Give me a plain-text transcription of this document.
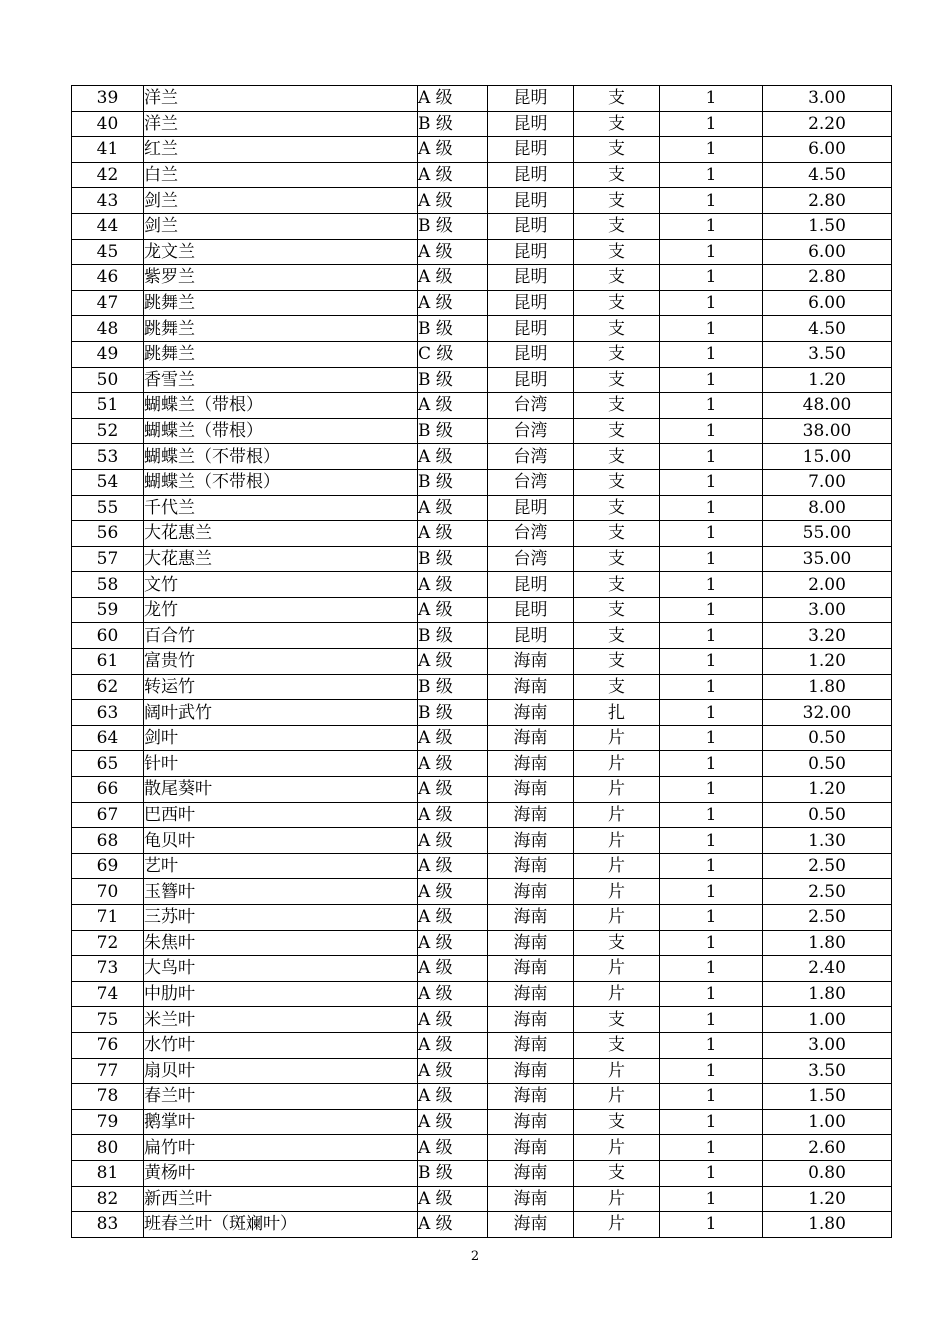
39	洋兰	A 级	昆明	支	1	3.00
40	洋兰	B 级	昆明	支	1	2.20
41	红兰	A 级	昆明	支	1	6.00
42	白兰	A 级	昆明	支	1	4.50
43	剑兰	A 级	昆明	支	1	2.80
44	剑兰	B 级	昆明	支	1	1.50
45	龙文兰	A 级	昆明	支	1	6.00
46	紫罗兰	A 级	昆明	支	1	2.80
47	跳舞兰	A 级	昆明	支	1	6.00
48	跳舞兰	B 级	昆明	支	1	4.50
49	跳舞兰	C 级	昆明	支	1	3.50
50	香雪兰	B 级	昆明	支	1	1.20
51	蝴蝶兰（带根）	A 级	台湾	支	1	48.00
52	蝴蝶兰（带根）	B 级	台湾	支	1	38.00
53	蝴蝶兰（不带根）	A 级	台湾	支	1	15.00
54	蝴蝶兰（不带根）	B 级	台湾	支	1	7.00
55	千代兰	A 级	昆明	支	1	8.00
56	大花惠兰	A 级	台湾	支	1	55.00
57	大花惠兰	B 级	台湾	支	1	35.00
58	文竹	A 级	昆明	支	1	2.00
59	龙竹	A 级	昆明	支	1	3.00
60	百合竹	B 级	昆明	支	1	3.20
61	富贵竹	A 级	海南	支	1	1.20
62	转运竹	B 级	海南	支	1	1.80
63	阔叶武竹	B 级	海南	扎	1	32.00
64	剑叶	A 级	海南	片	1	0.50
65	针叶	A 级	海南	片	1	0.50
66	散尾葵叶	A 级	海南	片	1	1.20
67	巴西叶	A 级	海南	片	1	0.50
68	龟贝叶	A 级	海南	片	1	1.30
69	艺叶	A 级	海南	片	1	2.50
70	玉簪叶	A 级	海南	片	1	2.50
71	三苏叶	A 级	海南	片	1	2.50
72	朱焦叶	A 级	海南	支	1	1.80
73	大鸟叶	A 级	海南	片	1	2.40
74	中肋叶	A 级	海南	片	1	1.80
75	米兰叶	A 级	海南	支	1	1.00
76	水竹叶	A 级	海南	支	1	3.00
77	扇贝叶	A 级	海南	片	1	3.50
78	春兰叶	A 级	海南	片	1	1.50
79	鹅掌叶	A 级	海南	支	1	1.00
80	扁竹叶	A 级	海南	片	1	2.60
81	黄杨叶	B 级	海南	支	1	0.80
82	新西兰叶	A 级	海南	片	1	1.20
83	班春兰叶（斑斓叶）	A 级	海南	片	1	1.80
2
